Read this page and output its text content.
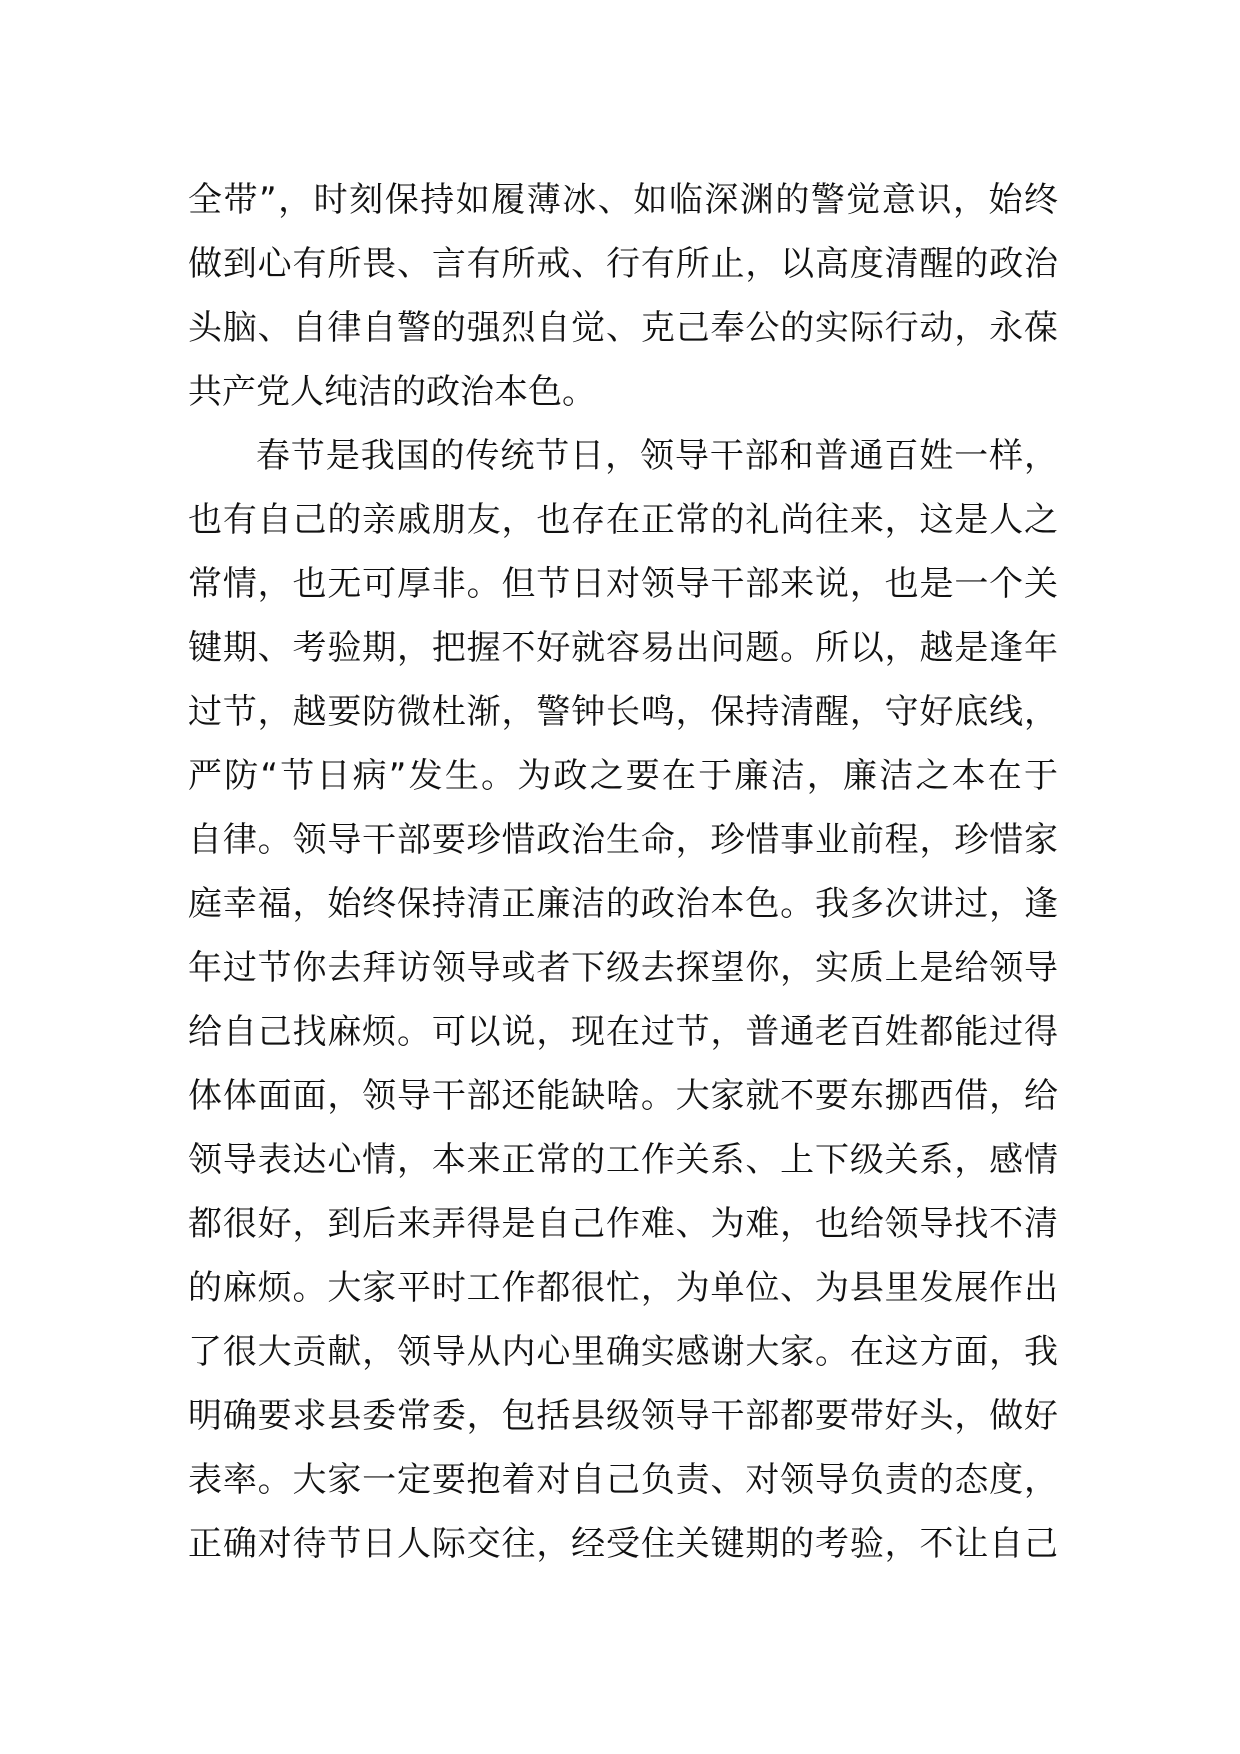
全带”，时刻保持如履薄冰、如临深渊的警觉意识，始终
做到心有所畏、言有所戒、行有所止，以高度清醒的政治
头脑、自律自警的强烈自觉、克己奉公的实际行动，永葆
共产党人纯洁的政治本色。
春节是我国的传统节日，领导干部和普通百姓一样，
也有自己的亲戚朋友，也存在正常的礼尚往来，这是人之
常情，也无可厚非。但节日对领导干部来说，也是一个关
键期、考验期，把握不好就容易出问题。所以，越是逢年
过节，越要防微杜渐，警钟长鸣，保持清醒，守好底线，
严防“节日病”发生。为政之要在于廉洁，廉洁之本在于
自律。领导干部要珍惜政治生命，珍惜事业前程，珍惜家
庭幸福，始终保持清正廉洁的政治本色。我多次讲过，逢
年过节你去拜访领导或者下级去探望你，实质上是给领导
给自己找麻烦。可以说，现在过节，普通老百姓都能过得
体体面面，领导干部还能缺啥。大家就不要东挪西借，给
领导表达心情，本来正常的工作关系、上下级关系，感情
都很好，到后来弄得是自己作难、为难，也给领导找不清
的麻烦。大家平时工作都很忙，为单位、为县里发展作出
了很大贡献，领导从内心里确实感谢大家。在这方面，我
明确要求县委常委，包括县级领导干部都要带好头，做好
表率。大家一定要抱着对自己负责、对领导负责的态度，
正确对待节日人际交往，经受住关键期的考验，不让自己
